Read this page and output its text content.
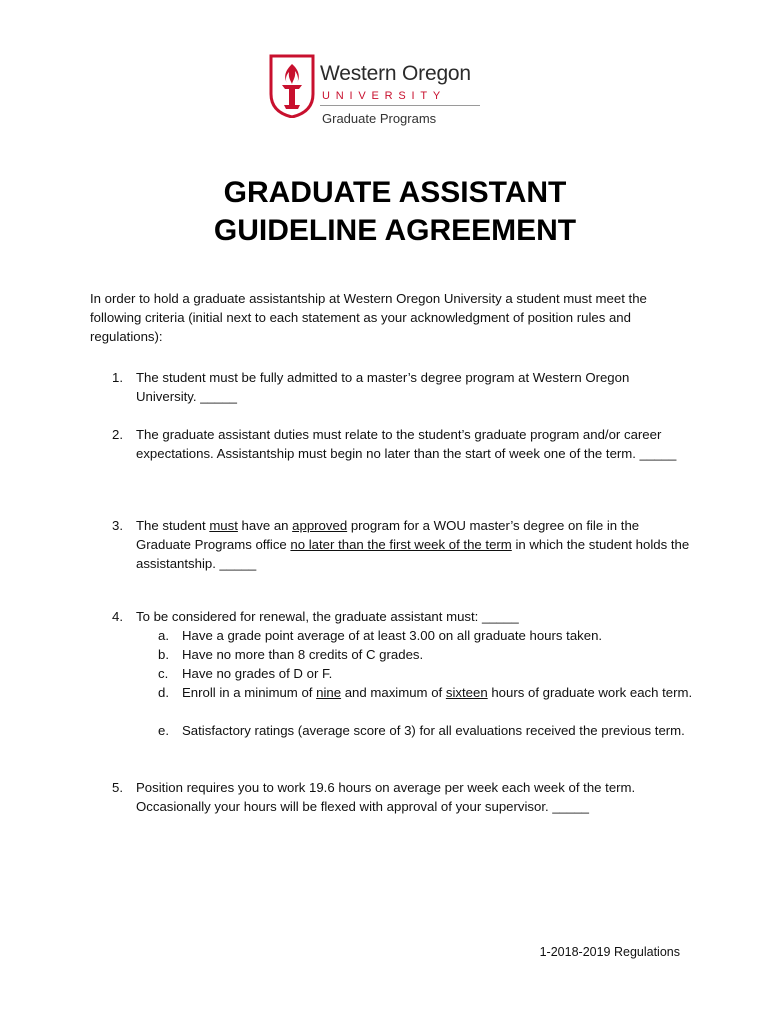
Western Oregon
UNIVERSITY
Graduate Programs
GRADUATE ASSISTANT
GUIDELINE AGREEMENT
In order to hold a graduate assistantship at Western Oregon University a student must meet the following criteria (initial next to each statement as your acknowledgment of position rules and regulations):
1. The student must be fully admitted to a master’s degree program at Western Oregon University. _____
2. The graduate assistant duties must relate to the student’s graduate program and/or career expectations. Assistantship must begin no later than the start of week one of the term. _____
3. The student must have an approved program for a WOU master’s degree on file in the Graduate Programs office no later than the first week of the term in which the student holds the assistantship. _____
4. To be considered for renewal, the graduate assistant must: _____
a. Have a grade point average of at least 3.00 on all graduate hours taken.
b. Have no more than 8 credits of C grades.
c. Have no grades of D or F.
d. Enroll in a minimum of nine and maximum of sixteen hours of graduate work each term.
e. Satisfactory ratings (average score of 3) for all evaluations received the previous term.
5. Position requires you to work 19.6 hours on average per week each week of the term. Occasionally your hours will be flexed with approval of your supervisor. _____
1-2018-2019 Regulations
